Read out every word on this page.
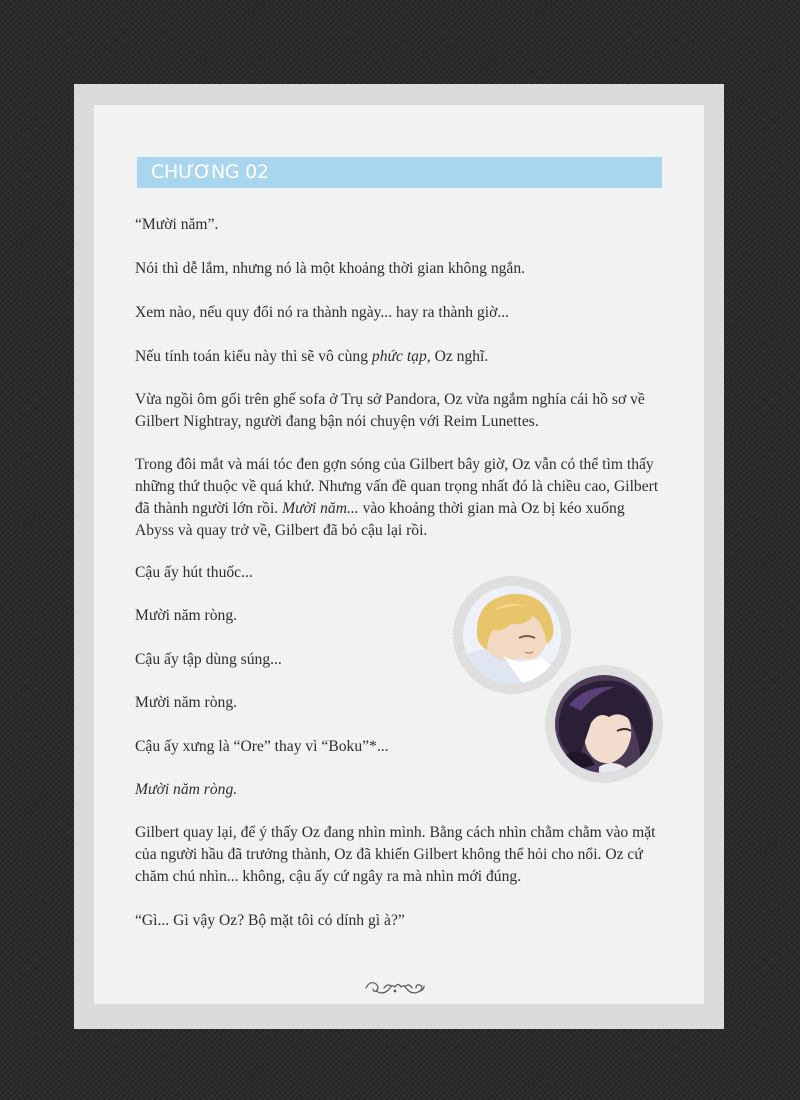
CHƯƠNG 02

“Mười năm”.

Nói thì dễ lắm, nhưng nó là một khoảng thời gian không ngắn.

Xem nào, nếu quy đổi nó ra thành ngày... hay ra thành giờ...

Nếu tính toán kiểu này thì sẽ vô cùng phức tạp, Oz nghĩ.

Vừa ngồi ôm gối trên ghế sofa ở Trụ sở Pandora, Oz vừa ngắm nghía cái hồ sơ về Gilbert Nightray, người đang bận nói chuyện với Reim Lunettes.

Trong đôi mắt và mái tóc đen gợn sóng của Gilbert bây giờ, Oz vẫn có thể tìm thấy những thứ thuộc về quá khứ. Nhưng vấn đề quan trọng nhất đó là chiều cao, Gilbert đã thành người lớn rồi. Mười năm... vào khoảng thời gian mà Oz bị kéo xuống Abyss và quay trở về, Gilbert đã bỏ cậu lại rồi.

Cậu ấy hút thuốc...

Mười năm ròng.

Cậu ấy tập dùng súng...

Mười năm ròng.

Cậu ấy xưng là “Ore” thay vì “Boku”*...

Mười năm ròng.

Gilbert quay lại, để ý thấy Oz đang nhìn mình. Bằng cách nhìn chằm chằm vào mặt của người hầu đã trưởng thành, Oz đã khiến Gilbert không thể hỏi cho nổi. Oz cứ chăm chú nhìn... không, cậu ấy cứ ngây ra mà nhìn mới đúng.

“Gì... Gì vậy Oz? Bộ mặt tôi có dính gì à?”
